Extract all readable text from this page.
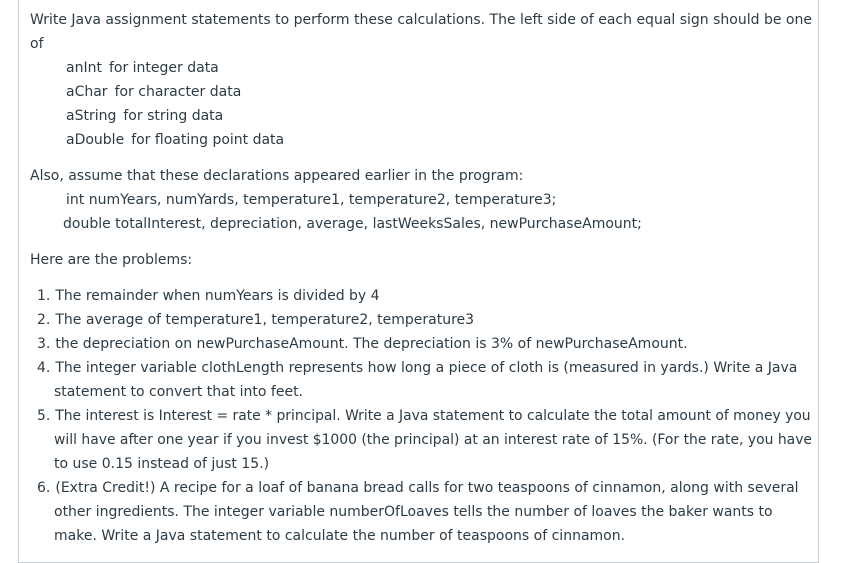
Write Java assignment statements to perform these calculations. The left side of each equal sign should be one
of
anInt for integer data
aChar for character data
aString for string data
aDouble for floating point data
Also, assume that these declarations appeared earlier in the program:
int numYears, numYards, temperature1, temperature2, temperature3;
double totalInterest, depreciation, average, lastWeeksSales, newPurchaseAmount;
Here are the problems:
1. The remainder when numYears is divided by 4
2. The average of temperature1, temperature2, temperature3
3. the depreciation on newPurchaseAmount. The depreciation is 3% of newPurchaseAmount.
4. The integer variable clothLength represents how long a piece of cloth is (measured in yards.) Write a Java
statement to convert that into feet.
5. The interest is Interest = rate * principal. Write a Java statement to calculate the total amount of money you
will have after one year if you invest $1000 (the principal) at an interest rate of 15%. (For the rate, you have
to use 0.15 instead of just 15.)
6. (Extra Credit!) A recipe for a loaf of banana bread calls for two teaspoons of cinnamon, along with several
other ingredients. The integer variable numberOfLoaves tells the number of loaves the baker wants to
make. Write a Java statement to calculate the number of teaspoons of cinnamon.
